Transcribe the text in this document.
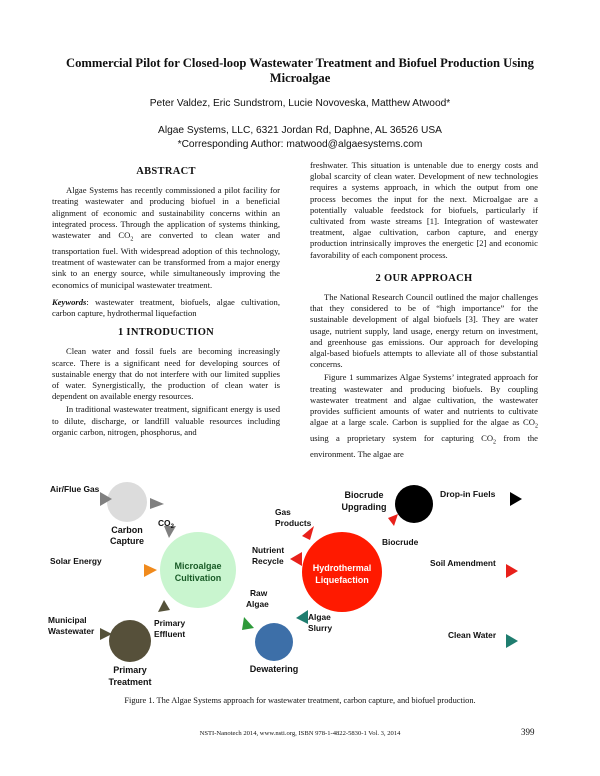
Commercial Pilot for Closed-loop Wastewater Treatment and Biofuel Production Using Microalgae
Peter Valdez, Eric Sundstrom, Lucie Novoveska, Matthew Atwood*
Algae Systems, LLC, 6321 Jordan Rd, Daphne, AL 36526 USA
*Corresponding Author: matwood@algaesystems.com
ABSTRACT
Algae Systems has recently commissioned a pilot facility for treating wastewater and producing biofuel in a beneficial alignment of economic and sustainability concerns within an integrated process. Through the application of systems thinking, wastewater and $CO_2$ are converted to clean water and transportation fuel. With widespread adoption of this technology, treatment of wastewater can be transformed from a major energy sink to an energy source, while simultaneously improving the economics of municipal wastewater treatment.
Keywords: wastewater treatment, biofuels, algae cultivation, carbon capture, hydrothermal liquefaction
1 INTRODUCTION
Clean water and fossil fuels are becoming increasingly scarce. There is a significant need for developing sources of sustainable energy that do not interfere with our limited supplies of water. Synergistically, the production of clean water is dependent on available energy resources.
In traditional wastewater treatment, significant energy is used to dilute, discharge, or landfill valuable resources including organic carbon, nitrogen, phosphorus, and
freshwater. This situation is untenable due to energy costs and global scarcity of clean water. Development of new technologies requires a systems approach, in which the output from one process becomes the input for the next. Microalgae are a potentially valuable feedstock for biofuels, particularly if cultivated from waste streams [1]. Integration of wastewater treatment, algae cultivation, carbon capture, and energy production intrinsically improves the energetic [2] and economic favorability of each component process.
2 OUR APPROACH
The National Research Council outlined the major challenges that they considered to be of “high importance” for the sustainable development of algal biofuels [3]. They are water usage, nutrient supply, land usage, energy return on investment, and greenhouse gas emissions. Our approach for developing algal-based biofuels attempts to alleviate all of those substantial concerns.
Figure 1 summarizes Algae Systems’ integrated approach for treating wastewater and producing biofuels. By coupling wastewater treatment and algae cultivation, the wastewater provides sufficient amounts of water and nutrients to cultivate algae at a large scale. Carbon is supplied for the algae as $CO_2$ using a proprietary system for capturing $CO_2$ from the environment. The algae are
Air/Flue Gas
Carbon
Capture
$CO_2$
Gas
Products
Biocrude
Upgrading
Drop-in Fuels
Biocrude
Solar Energy	Microalgae
Cultivation
Nutrient
Recycle
Hydrothermal
Liquefaction
Soil Amendment
Raw
Algae
Algae
Slurry
Municipal
Wastewater
Primary
Effluent	Clean Water
Dewatering
Primary
Treatment
Figure 1. The Algae Systems approach for wastewater treatment, carbon capture, and biofuel production.
NSTI-Nanotech 2014, www.nsti.org, ISBN 978-1-4822-5830-1 Vol. 3, 2014	399
